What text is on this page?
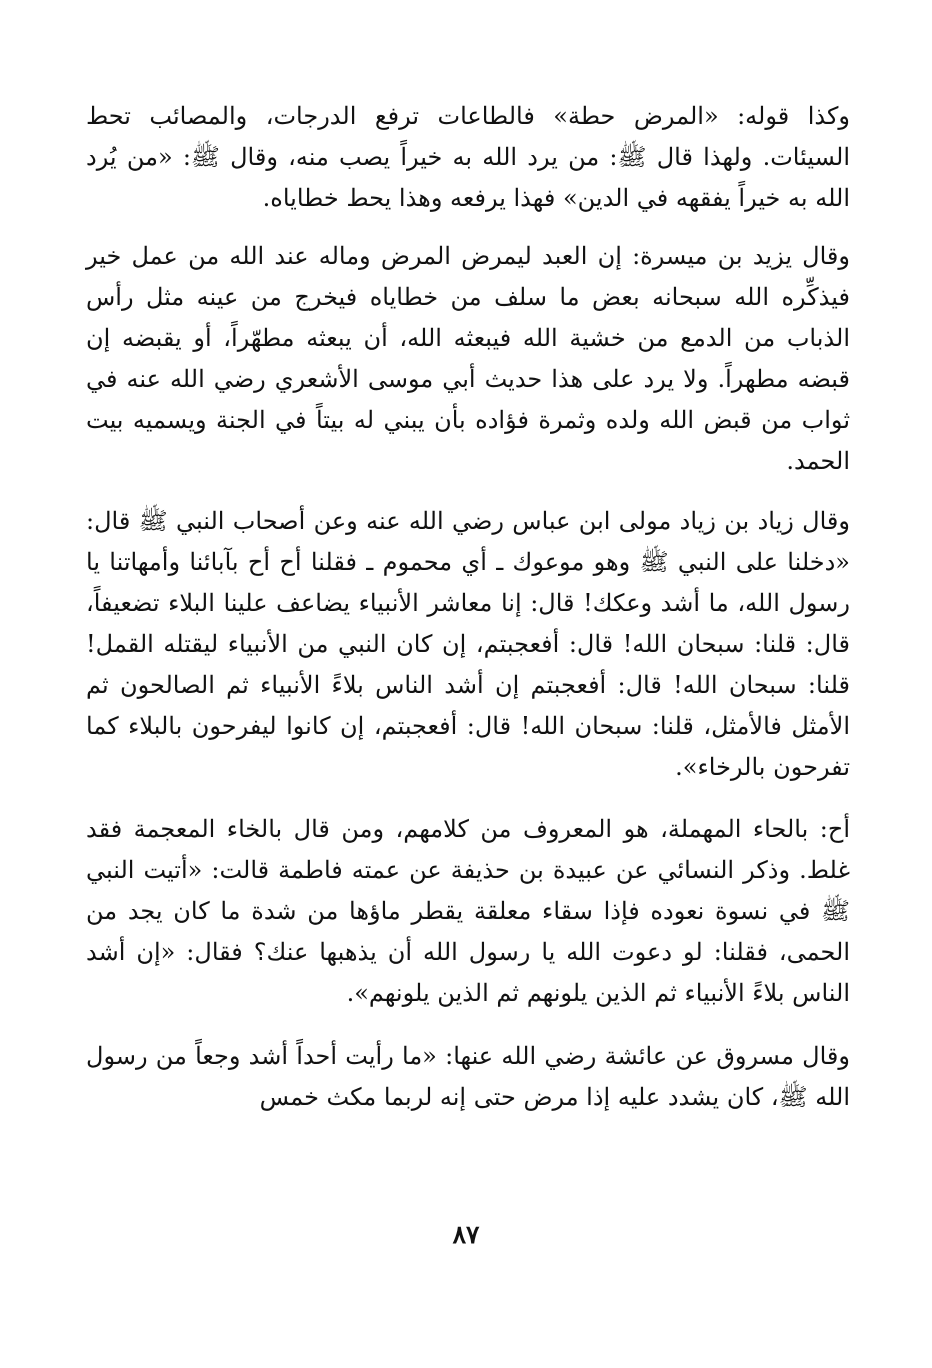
وكذا قوله: «المرض حطة» فالطاعات ترفع الدرجات، والمصائب تحط السيئات. ولهذا قال ﷺ: من يرد الله به خيراً يصب منه، وقال ﷺ: «من يُرد الله به خيراً يفقهه في الدين» فهذا يرفعه وهذا يحط خطاياه.

وقال يزيد بن ميسرة: إن العبد ليمرض المرض وماله عند الله من عمل خير فيذكِّره الله سبحانه بعض ما سلف من خطاياه فيخرج من عينه مثل رأس الذباب من الدمع من خشية الله فيبعثه الله، أن يبعثه مطهّراً، أو يقبضه إن قبضه مطهراً. ولا يرد على هذا حديث أبي موسى الأشعري رضي الله عنه في ثواب من قبض الله ولده وثمرة فؤاده بأن يبني له بيتاً في الجنة ويسميه بيت الحمد.

وقال زياد بن زياد مولى ابن عباس رضي الله عنه وعن أصحاب النبي ﷺ قال: «دخلنا على النبي ﷺ وهو موعوك ـ أي محموم ـ فقلنا أح أح بآبائنا وأمهاتنا يا رسول الله، ما أشد وعكك! قال: إنا معاشر الأنبياء يضاعف علينا البلاء تضعيفاً، قال: قلنا: سبحان الله! قال: أفعجبتم، إن كان النبي من الأنبياء ليقتله القمل! قلنا: سبحان الله! قال: أفعجبتم إن أشد الناس بلاءً الأنبياء ثم الصالحون ثم الأمثل فالأمثل، قلنا: سبحان الله! قال: أفعجبتم، إن كانوا ليفرحون بالبلاء كما تفرحون بالرخاء».

أح: بالحاء المهملة، هو المعروف من كلامهم، ومن قال بالخاء المعجمة فقد غلط. وذكر النسائي عن عبيدة بن حذيفة عن عمته فاطمة قالت: «أتيت النبي ﷺ في نسوة نعوده فإذا سقاء معلقة يقطر ماؤها من شدة ما كان يجد من الحمى، فقلنا: لو دعوت الله يا رسول الله أن يذهبها عنك؟ فقال: «إن أشد الناس بلاءً الأنبياء ثم الذين يلونهم ثم الذين يلونهم».

وقال مسروق عن عائشة رضي الله عنها: «ما رأيت أحداً أشد وجعاً من رسول الله ﷺ، كان يشدد عليه إذا مرض حتى إنه لربما مكث خمس

٨٧
